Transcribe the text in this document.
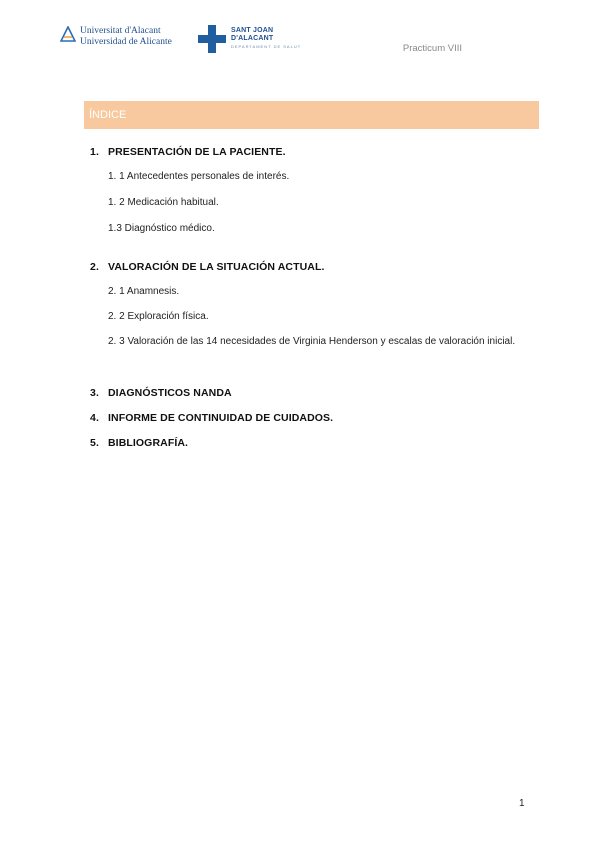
Universitat d'Alacant
Universidad de Alicante
SANT JOAN
D'ALACANT
DEPARTAMENT DE SALUT	Practicum VIII
ÍNDICE
1. PRESENTACIÓN DE LA PACIENTE.
1. 1 Antecedentes personales de interés.
1. 2 Medicación habitual.
1.3 Diagnóstico médico.
2. VALORACIÓN DE LA SITUACIÓN ACTUAL.
2. 1 Anamnesis.
2. 2 Exploración física.
2. 3 Valoración de las 14 necesidades de Virginia Henderson y escalas de valoración inicial.
3. DIAGNÓSTICOS NANDA
4. INFORME DE CONTINUIDAD DE CUIDADOS.
5. BIBLIOGRAFÍA.
1
